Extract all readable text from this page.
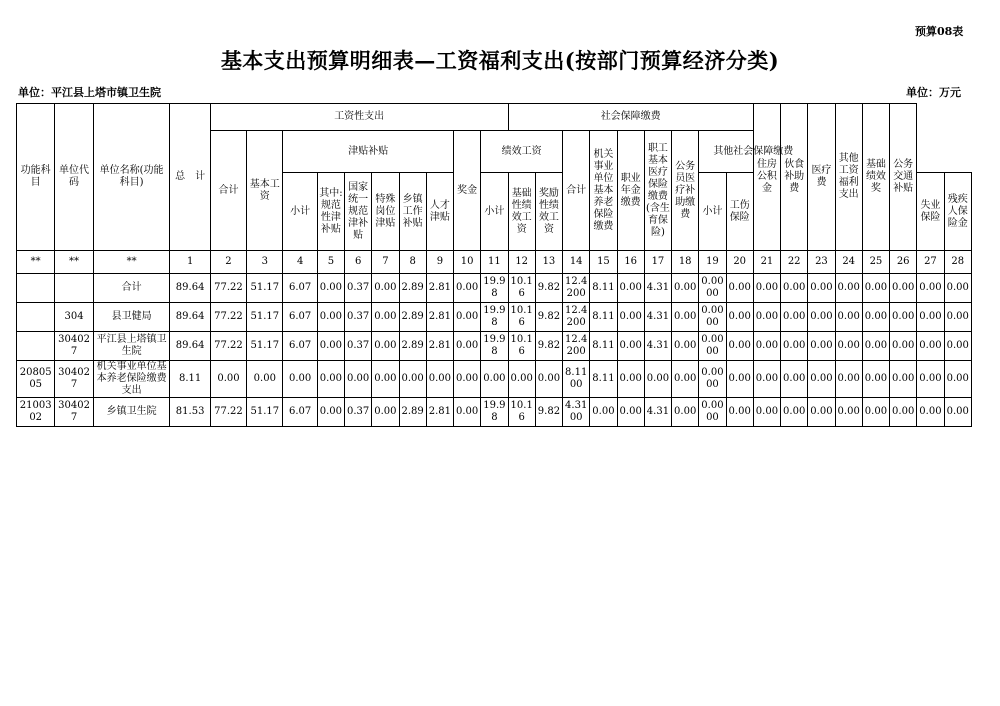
预算08表
基本支出预算明细表—工资福利支出(按部门预算经济分类)
单位：平江县上塔市镇卫生院	单位：万元
功能科目	单位代码	单位名称(功能科目)	总　计	工资性支出										社会保障缴费									住房公积金	伙食补助费	医疗费	其他工资福利支出	基础绩效奖	公务交通补贴		
				合计	基本工资	津贴补贴						奖金	绩效工资			合计	机关事业单位基本养老保险缴费	职业年金缴费	职工基本医疗保险缴费(含生育保险)	公务员医疗补助缴费	其他社会保障缴费									
						小计	其中:规范性津补贴	国家统一规范津补贴	特殊岗位津贴	乡镇工作补贴	人才津贴		小计	基础性绩效工资	奖励性绩效工资						小计	工伤保险							失业保险	残疾人保险金

**	**	**	1	2	3	4	5	6	7	8	9	10	11	12	13	14	15	16	17	18	19	20	21	22	23	24	25	26	27	28
		合计	89.64	77.22	51.17	6.07	0.00	0.37	0.00	2.89	2.81	0.00	19.98	10.16	9.82	12.4200	8.11	0.00	4.31	0.00	0.0000	0.00	0.00	0.00	0.00	0.00	0.00	0.00	0.00	0.00
	304	县卫健局	89.64	77.22	51.17	6.07	0.00	0.37	0.00	2.89	2.81	0.00	19.98	10.16	9.82	12.4200	8.11	0.00	4.31	0.00	0.0000	0.00	0.00	0.00	0.00	0.00	0.00	0.00	0.00	0.00
	304027	平江县上塔镇卫生院	89.64	77.22	51.17	6.07	0.00	0.37	0.00	2.89	2.81	0.00	19.98	10.16	9.82	12.4200	8.11	0.00	4.31	0.00	0.0000	0.00	0.00	0.00	0.00	0.00	0.00	0.00	0.00	0.00
2080505	304027	机关事业单位基本养老保险缴费支出	8.11	0.00	0.00	0.00	0.00	0.00	0.00	0.00	0.00	0.00	0.00	0.00	0.00	8.1100	8.11	0.00	0.00	0.00	0.0000	0.00	0.00	0.00	0.00	0.00	0.00	0.00	0.00	0.00
2100302	304027	乡镇卫生院	81.53	77.22	51.17	6.07	0.00	0.37	0.00	2.89	2.81	0.00	19.98	10.16	9.82	4.3100	0.00	0.00	4.31	0.00	0.0000	0.00	0.00	0.00	0.00	0.00	0.00	0.00	0.00	0.00
